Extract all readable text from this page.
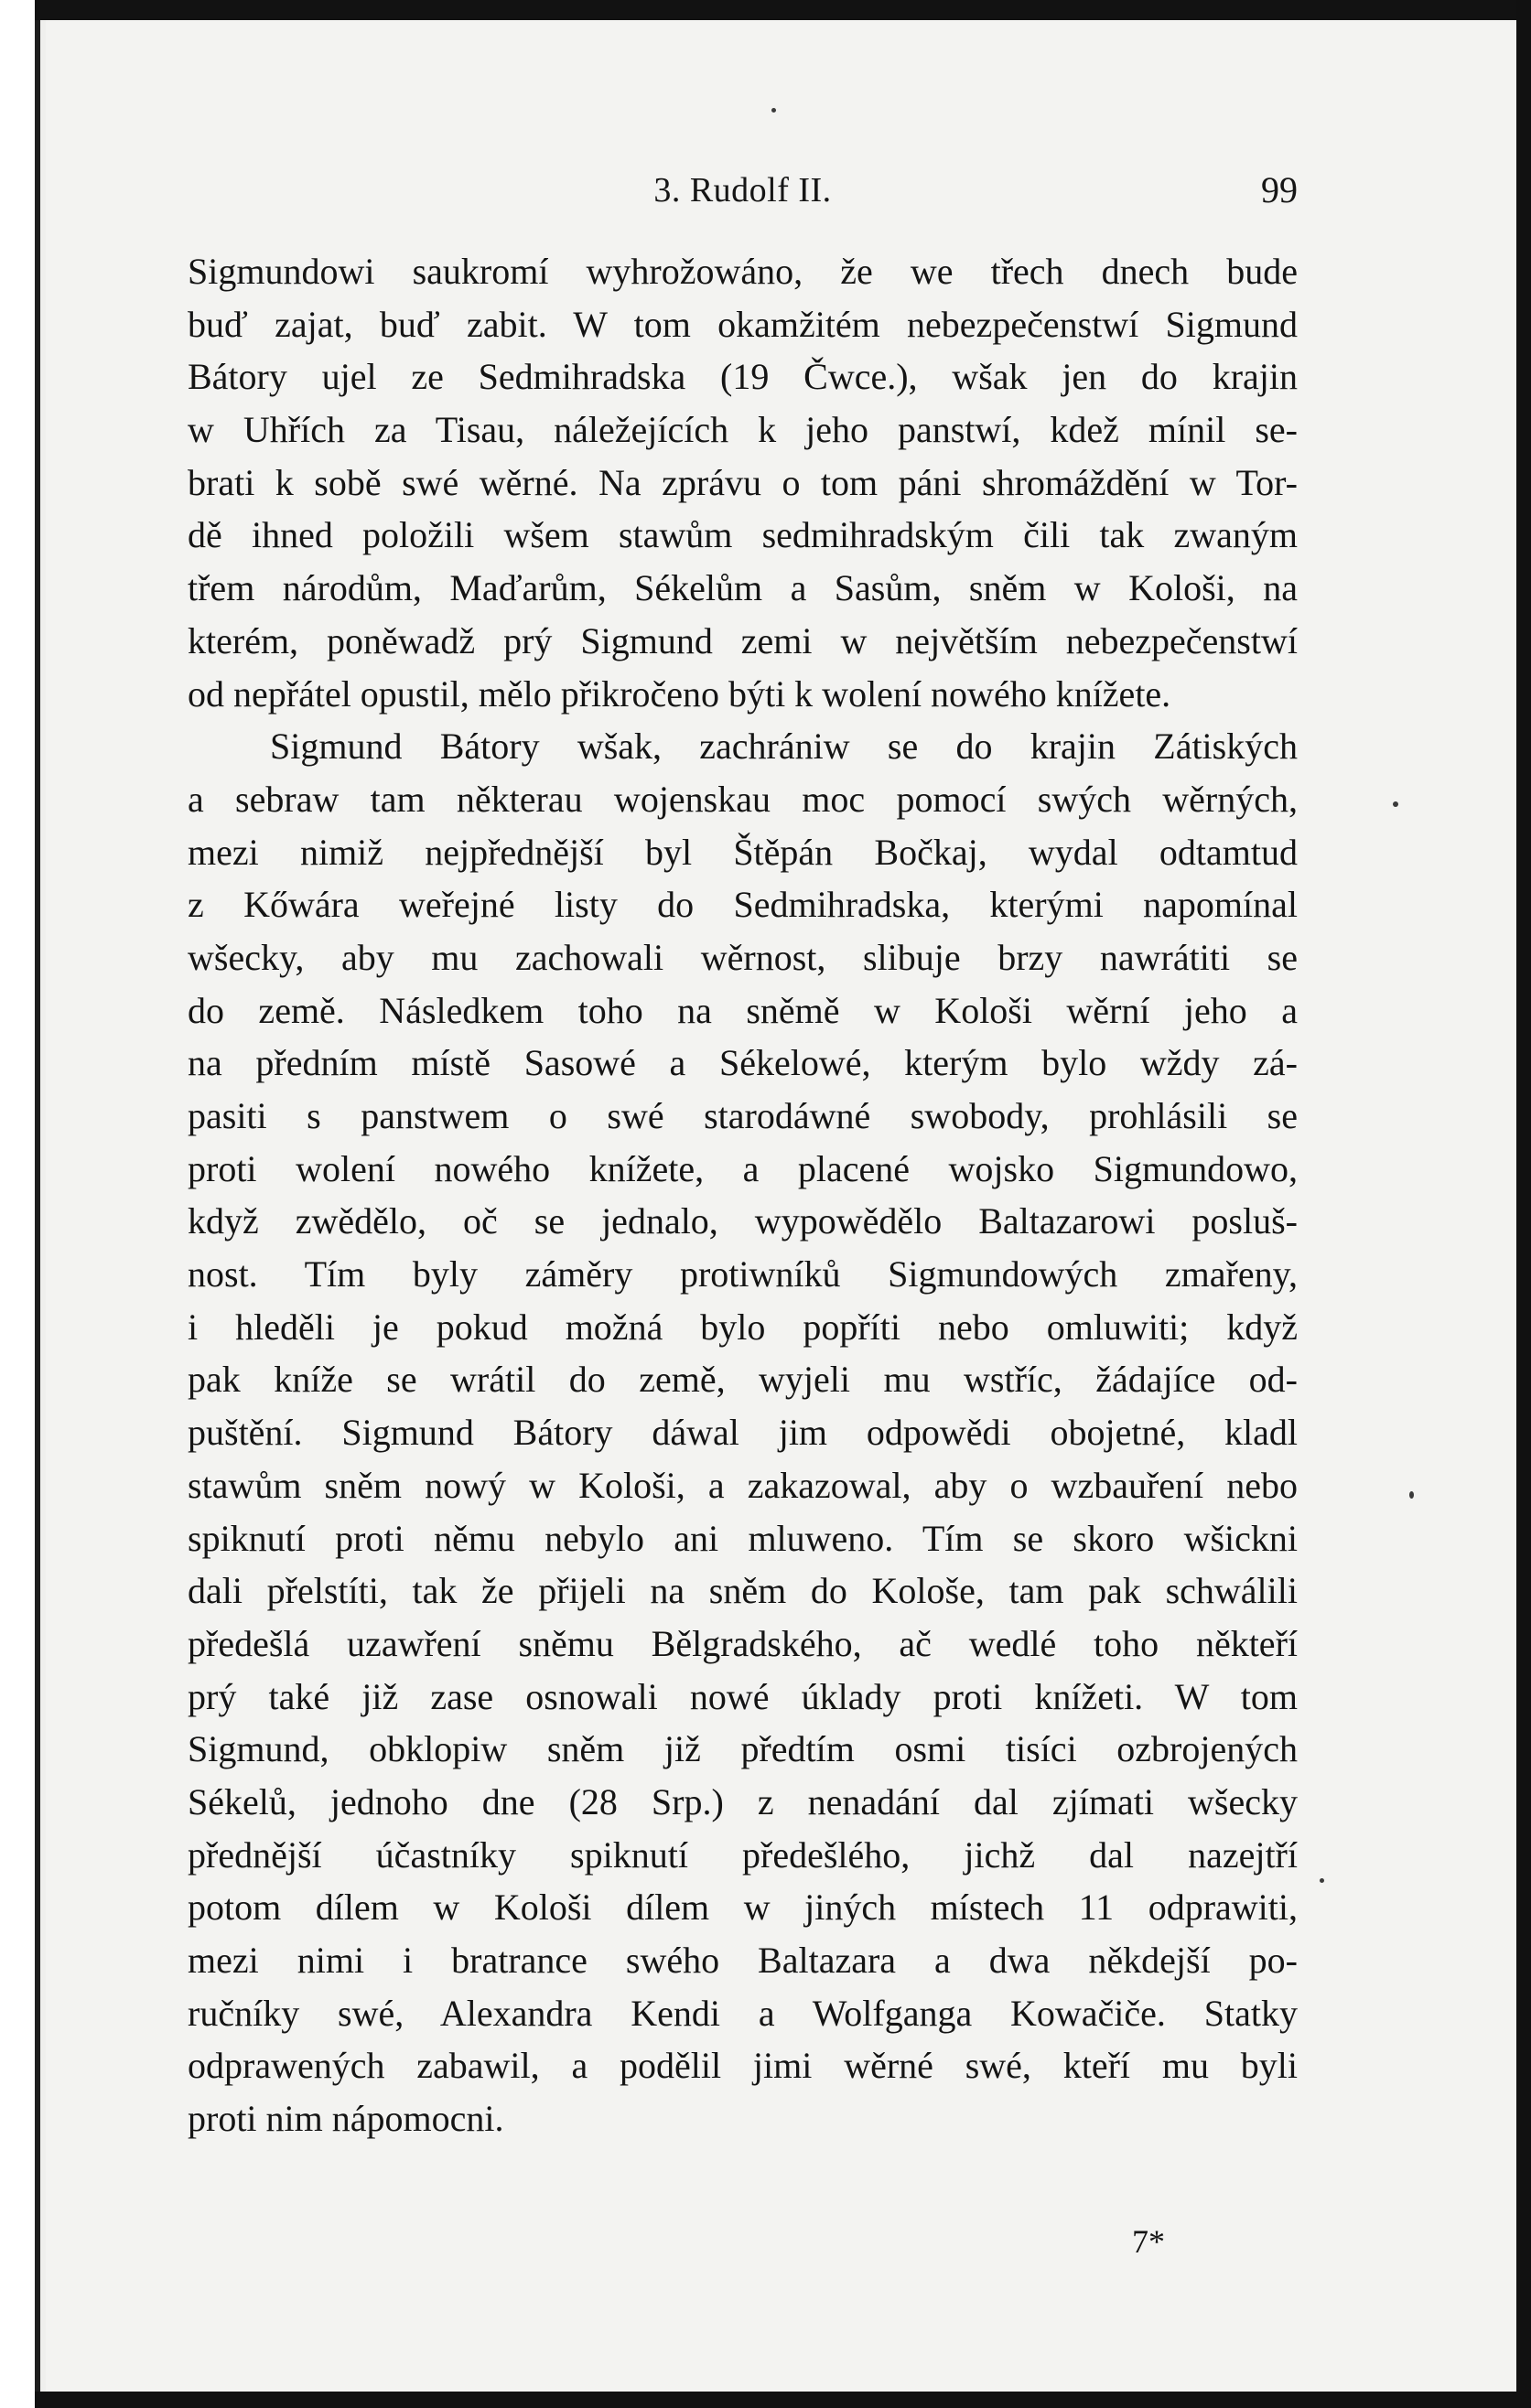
3. Rudolf II.	99
Sigmundowi saukromí wyhrožowáno, že we třech dnech bude
buď zajat, buď zabit. W tom okamžitém nebezpečenstwí Sigmund
Bátory ujel ze Sedmihradska (19 Čwce.), wšak jen do krajin
w Uhřích za Tisau, náležejících k jeho panstwí, kdež mínil se-
brati k sobě swé wěrné. Na zprávu o tom páni shromáždění w Tor-
dě ihned položili wšem stawům sedmihradským čili tak zwaným
třem národům, Maďarům, Sékelům a Sasům, sněm w Kološi, na
kterém, poněwadž prý Sigmund zemi w největším nebezpečenstwí
od nepřátel opustil, mělo přikročeno býti k wolení nowého knížete.
Sigmund Bátory wšak, zachrániw se do krajin Zátiských
a sebraw tam některau wojenskau moc pomocí swých wěrných,
mezi nimiž nejpřednější byl Štěpán Bočkaj, wydal odtamtud
z Kőwára weřejné listy do Sedmihradska, kterými napomínal
wšecky, aby mu zachowali wěrnost, slibuje brzy nawrátiti se
do země. Následkem toho na sněmě w Kološi wěrní jeho a
na předním místě Sasowé a Sékelowé, kterým bylo wždy zá-
pasiti s panstwem o swé starodáwné swobody, prohlásili se
proti wolení nowého knížete, a placené wojsko Sigmundowo,
když zwědělo, oč se jednalo, wypowědělo Baltazarowi posluš-
nost. Tím byly záměry protiwníků Sigmundowých zmařeny,
i hleděli je pokud možná bylo popříti nebo omluwiti; když
pak kníže se wrátil do země, wyjeli mu wstříc, žádajíce od-
puštění. Sigmund Bátory dáwal jim odpowědi obojetné, kladl
stawům sněm nowý w Kološi, a zakazowal, aby o wzbauření nebo
spiknutí proti němu nebylo ani mluweno. Tím se skoro wšickni
dali přelstíti, tak že přijeli na sněm do Kološe, tam pak schwálili
předešlá uzawření sněmu Bělgradského, ač wedlé toho někteří
prý také již zase osnowali nowé úklady proti knížeti. W tom
Sigmund, obklopiw sněm již předtím osmi tisíci ozbrojených
Sékelů, jednoho dne (28 Srp.) z nenadání dal zjímati wšecky
přednější účastníky spiknutí předešlého, jichž dal nazejtří
potom dílem w Kološi dílem w jiných místech 11 odprawiti,
mezi nimi i bratrance swého Baltazara a dwa někdejší po-
ručníky swé, Alexandra Kendi a Wolfganga Kowačiče. Statky
odprawených zabawil, a podělil jimi wěrné swé, kteří mu byli
proti nim nápomocni.
7*
